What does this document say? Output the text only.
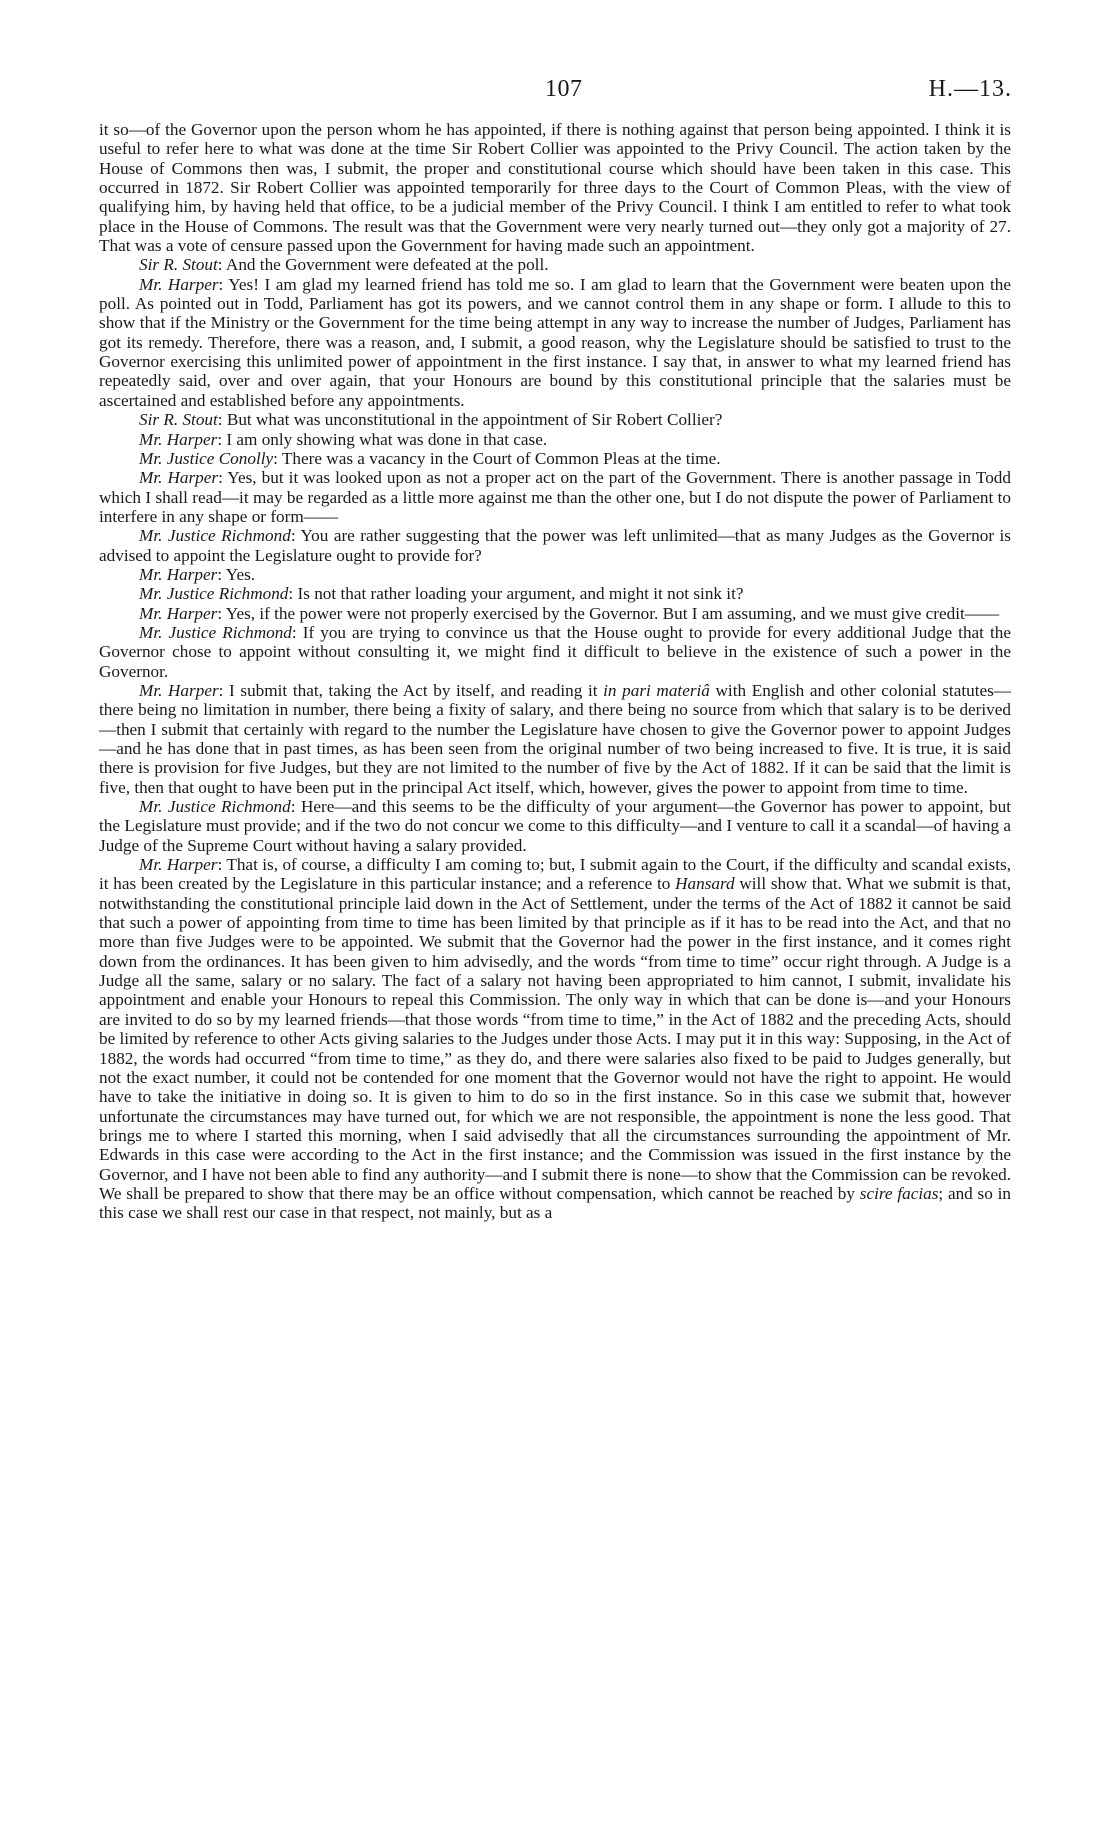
107	H.—13.

it so—of the Governor upon the person whom he has appointed, if there is nothing against that person being appointed. I think it is useful to refer here to what was done at the time Sir Robert Collier was appointed to the Privy Council. The action taken by the House of Commons then was, I submit, the proper and constitutional course which should have been taken in this case. This occurred in 1872. Sir Robert Collier was appointed temporarily for three days to the Court of Common Pleas, with the view of qualifying him, by having held that office, to be a judicial member of the Privy Council. I think I am entitled to refer to what took place in the House of Commons. The result was that the Government were very nearly turned out—they only got a majority of 27. That was a vote of censure passed upon the Government for having made such an appointment.

Sir R. Stout: And the Government were defeated at the poll.

Mr. Harper: Yes! I am glad my learned friend has told me so. I am glad to learn that the Government were beaten upon the poll. As pointed out in Todd, Parliament has got its powers, and we cannot control them in any shape or form. I allude to this to show that if the Ministry or the Government for the time being attempt in any way to increase the number of Judges, Parliament has got its remedy. Therefore, there was a reason, and, I submit, a good reason, why the Legislature should be satisfied to trust to the Governor exercising this unlimited power of appointment in the first instance. I say that, in answer to what my learned friend has repeatedly said, over and over again, that your Honours are bound by this constitutional principle that the salaries must be ascertained and established before any appointments.

Sir R. Stout: But what was unconstitutional in the appointment of Sir Robert Collier?

Mr. Harper: I am only showing what was done in that case.

Mr. Justice Conolly: There was a vacancy in the Court of Common Pleas at the time.

Mr. Harper: Yes, but it was looked upon as not a proper act on the part of the Government. There is another passage in Todd which I shall read—it may be regarded as a little more against me than the other one, but I do not dispute the power of Parliament to interfere in any shape or form——

Mr. Justice Richmond: You are rather suggesting that the power was left unlimited—that as many Judges as the Governor is advised to appoint the Legislature ought to provide for?

Mr. Harper: Yes.

Mr. Justice Richmond: Is not that rather loading your argument, and might it not sink it?

Mr. Harper: Yes, if the power were not properly exercised by the Governor. But I am assuming, and we must give credit——

Mr. Justice Richmond: If you are trying to convince us that the House ought to provide for every additional Judge that the Governor chose to appoint without consulting it, we might find it difficult to believe in the existence of such a power in the Governor.

Mr. Harper: I submit that, taking the Act by itself, and reading it in pari materiâ with English and other colonial statutes—there being no limitation in number, there being a fixity of salary, and there being no source from which that salary is to be derived—then I submit that certainly with regard to the number the Legislature have chosen to give the Governor power to appoint Judges—and he has done that in past times, as has been seen from the original number of two being increased to five. It is true, it is said there is provision for five Judges, but they are not limited to the number of five by the Act of 1882. If it can be said that the limit is five, then that ought to have been put in the principal Act itself, which, however, gives the power to appoint from time to time.

Mr. Justice Richmond: Here—and this seems to be the difficulty of your argument—the Governor has power to appoint, but the Legislature must provide; and if the two do not concur we come to this difficulty—and I venture to call it a scandal—of having a Judge of the Supreme Court without having a salary provided.

Mr. Harper: That is, of course, a difficulty I am coming to; but, I submit again to the Court, if the difficulty and scandal exists, it has been created by the Legislature in this particular instance; and a reference to Hansard will show that. What we submit is that, notwithstanding the constitutional principle laid down in the Act of Settlement, under the terms of the Act of 1882 it cannot be said that such a power of appointing from time to time has been limited by that principle as if it has to be read into the Act, and that no more than five Judges were to be appointed. We submit that the Governor had the power in the first instance, and it comes right down from the ordinances. It has been given to him advisedly, and the words “from time to time” occur right through. A Judge is a Judge all the same, salary or no salary. The fact of a salary not having been appropriated to him cannot, I submit, invalidate his appointment and enable your Honours to repeal this Commission. The only way in which that can be done is—and your Honours are invited to do so by my learned friends—that those words “from time to time,” in the Act of 1882 and the preceding Acts, should be limited by reference to other Acts giving salaries to the Judges under those Acts. I may put it in this way: Supposing, in the Act of 1882, the words had occurred “from time to time,” as they do, and there were salaries also fixed to be paid to Judges generally, but not the exact number, it could not be contended for one moment that the Governor would not have the right to appoint. He would have to take the initiative in doing so. It is given to him to do so in the first instance. So in this case we submit that, however unfortunate the circumstances may have turned out, for which we are not responsible, the appointment is none the less good. That brings me to where I started this morning, when I said advisedly that all the circumstances surrounding the appointment of Mr. Edwards in this case were according to the Act in the first instance; and the Commission was issued in the first instance by the Governor, and I have not been able to find any authority—and I submit there is none—to show that the Commission can be revoked. We shall be prepared to show that there may be an office without compensation, which cannot be reached by scire facias; and so in this case we shall rest our case in that respect, not mainly, but as a
